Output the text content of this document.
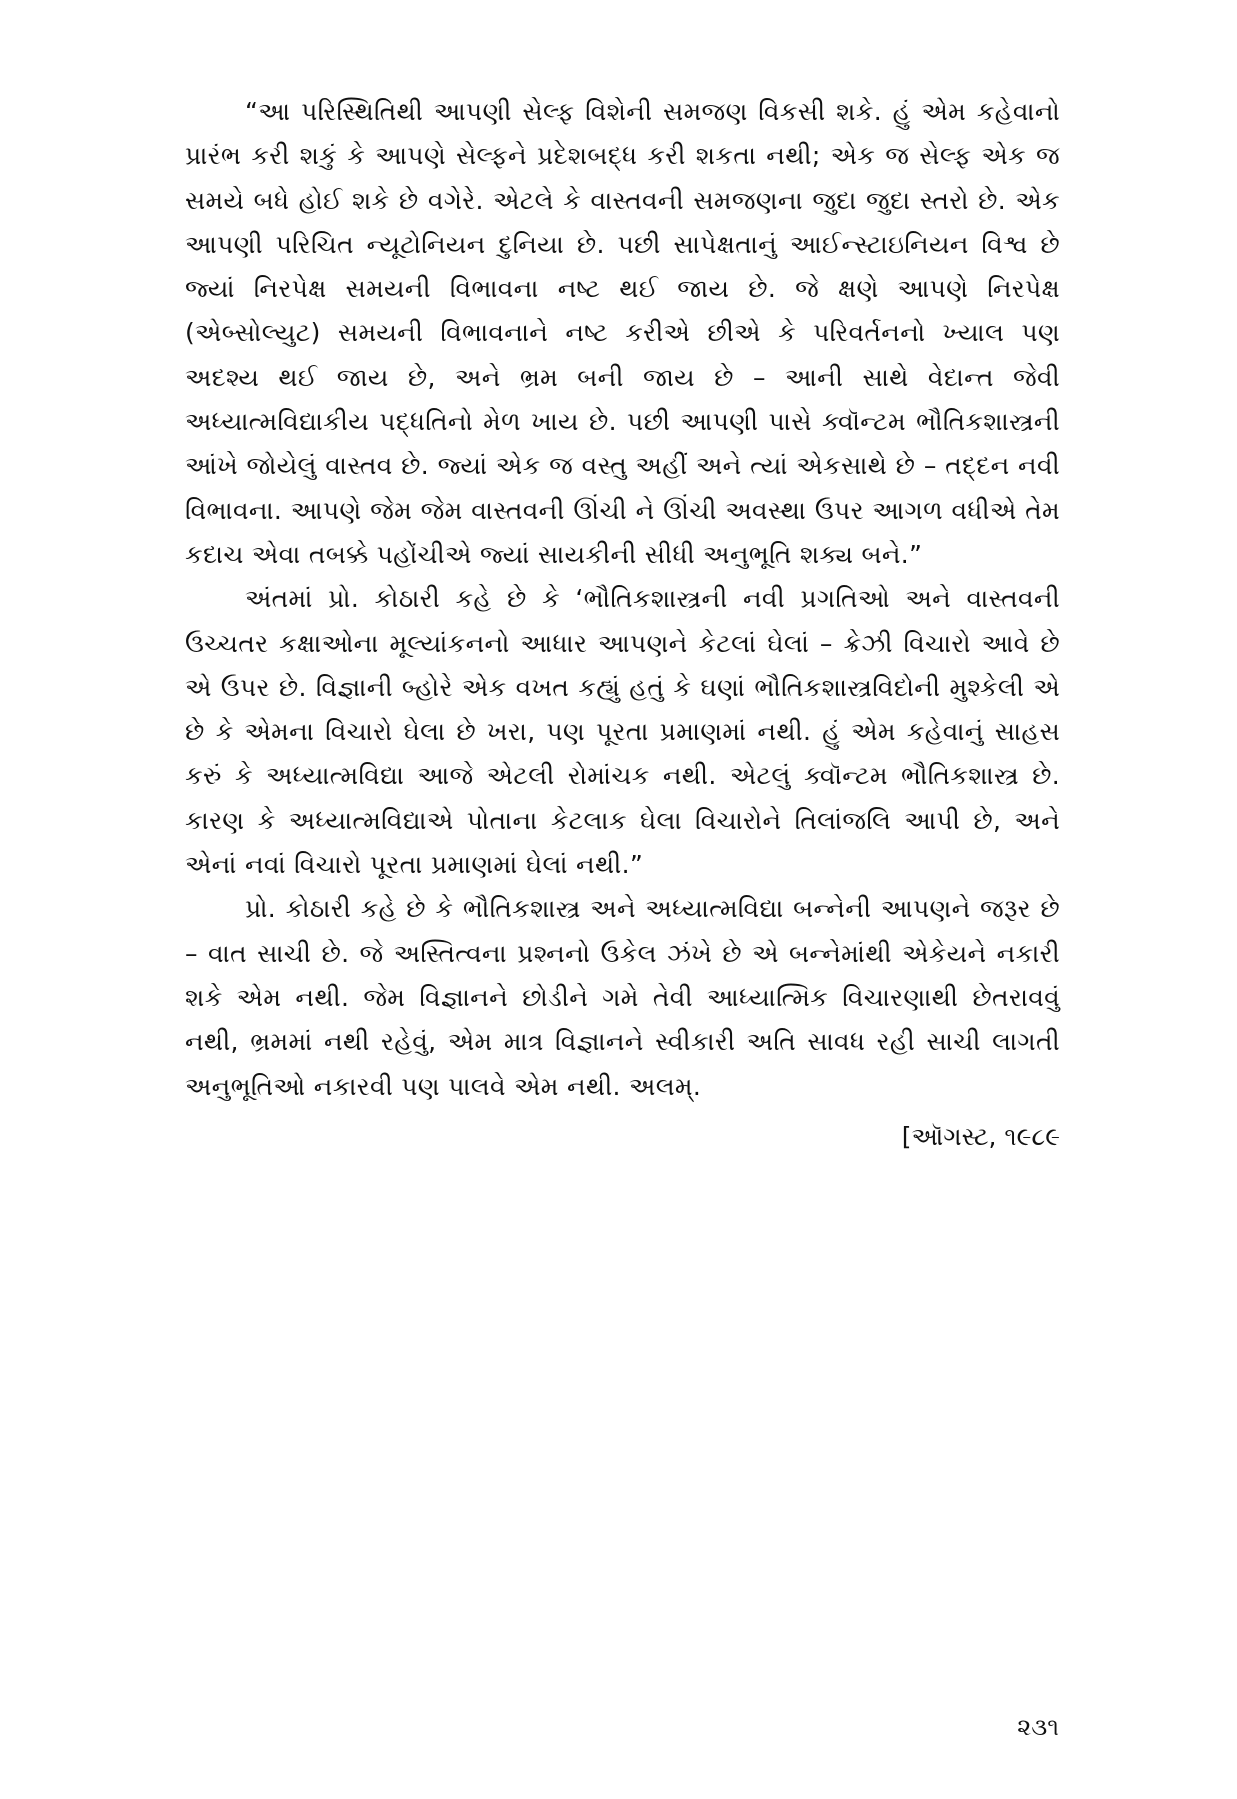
“આ પરિસ્થિતિથી આપણી સેલ્ફ વિશેની સમજણ વિકસી શકે. હું એમ કહેવાનો પ્રારંભ કરી શકું કે આપણે સેલ્ફને પ્રદેશબદ્ધ કરી શકતા નથી; એક જ સેલ્ફ એક જ સમયે બધે હોઈ શકે છે વગેરે. એટલે કે વાસ્તવની સમજણના જુદા જુદા સ્તરો છે. એક આપણી પરિચિત ન્યૂટોનિયન દુનિયા છે. પછી સાપેક્ષતાનું આઈન્સ્ટાઇનિયન વિશ્વ છે જ્યાં નિરપેક્ષ સમયની વિભાવના નષ્ટ થઈ જાય છે. જે ક્ષણે આપણે નિરપેક્ષ (એબ્સોલ્યુટ) સમયની વિભાવનાને નષ્ટ કરીએ છીએ કે પરિવર્તનનો ખ્યાલ પણ અદશ્ય થઈ જાય છે, અને ભ્રમ બની જાય છે – આની સાથે વેદાન્ત જેવી અધ્યાત્મવિદ્યાકીય પદ્ધતિનો મેળ ખાય છે. પછી આપણી પાસે ક્વૉન્ટમ ભૌતિકશાસ્ત્રની આંખે જોયેલું વાસ્તવ છે. જ્યાં એક જ વસ્તુ અહીં અને ત્યાં એકસાથે છે – તદ્દન નવી વિભાવના. આપણે જેમ જેમ વાસ્તવની ઊંચી ને ઊંચી અવસ્થા ઉપર આગળ વધીએ તેમ કદાચ એવા તબક્કે પહોંચીએ જ્યાં સાયકીની સીધી અનુભૂતિ શક્ય બને.”

અંતમાં પ્રો. કોઠારી કહે છે કે ‘ભૌતિકશાસ્ત્રની નવી પ્રગતિઓ અને વાસ્તવની ઉચ્ચતર કક્ષાઓના મૂલ્યાંકનનો આધાર આપણને કેટલાં ઘેલાં – ક્રેઝી વિચારો આવે છે એ ઉપર છે. વિજ્ઞાની બ્હોરે એક વખત કહ્યું હતું કે ઘણાં ભૌતિકશાસ્ત્રવિદોની મુશ્કેલી એ છે કે એમના વિચારો ઘેલા છે ખરા, પણ પૂરતા પ્રમાણમાં નથી. હું એમ કહેવાનું સાહસ કરું કે અધ્યાત્મવિદ્યા આજે એટલી રોમાંચક નથી. એટલું ક્વૉન્ટમ ભૌતિકશાસ્ત્ર છે. કારણ કે અધ્યાત્મવિદ્યાએ પોતાના કેટલાક ઘેલા વિચારોને તિલાંજલિ આપી છે, અને એનાં નવાં વિચારો પૂરતા પ્રમાણમાં ઘેલાં નથી.”

પ્રો. કોઠારી કહે છે કે ભૌતિકશાસ્ત્ર અને અધ્યાત્મવિદ્યા બન્નેની આપણને જરૂર છે – વાત સાચી છે. જે અસ્તિત્વના પ્રશ્નનો ઉકેલ ઝંખે છે એ બન્નેમાંથી એકેયને નકારી શકે એમ નથી. જેમ વિજ્ઞાનને છોડીને ગમે તેવી આધ્યાત્મિક વિચારણાથી છેતરાવવું નથી, ભ્રમમાં નથી રહેવું, એમ માત્ર વિજ્ઞાનને સ્વીકારી અતિ સાવધ રહી સાચી લાગતી અનુભૂતિઓ નકારવી પણ પાલવે એમ નથી. અલમ્.

[ઑગસ્ટ, ૧૯૮૯

૨૩૧
